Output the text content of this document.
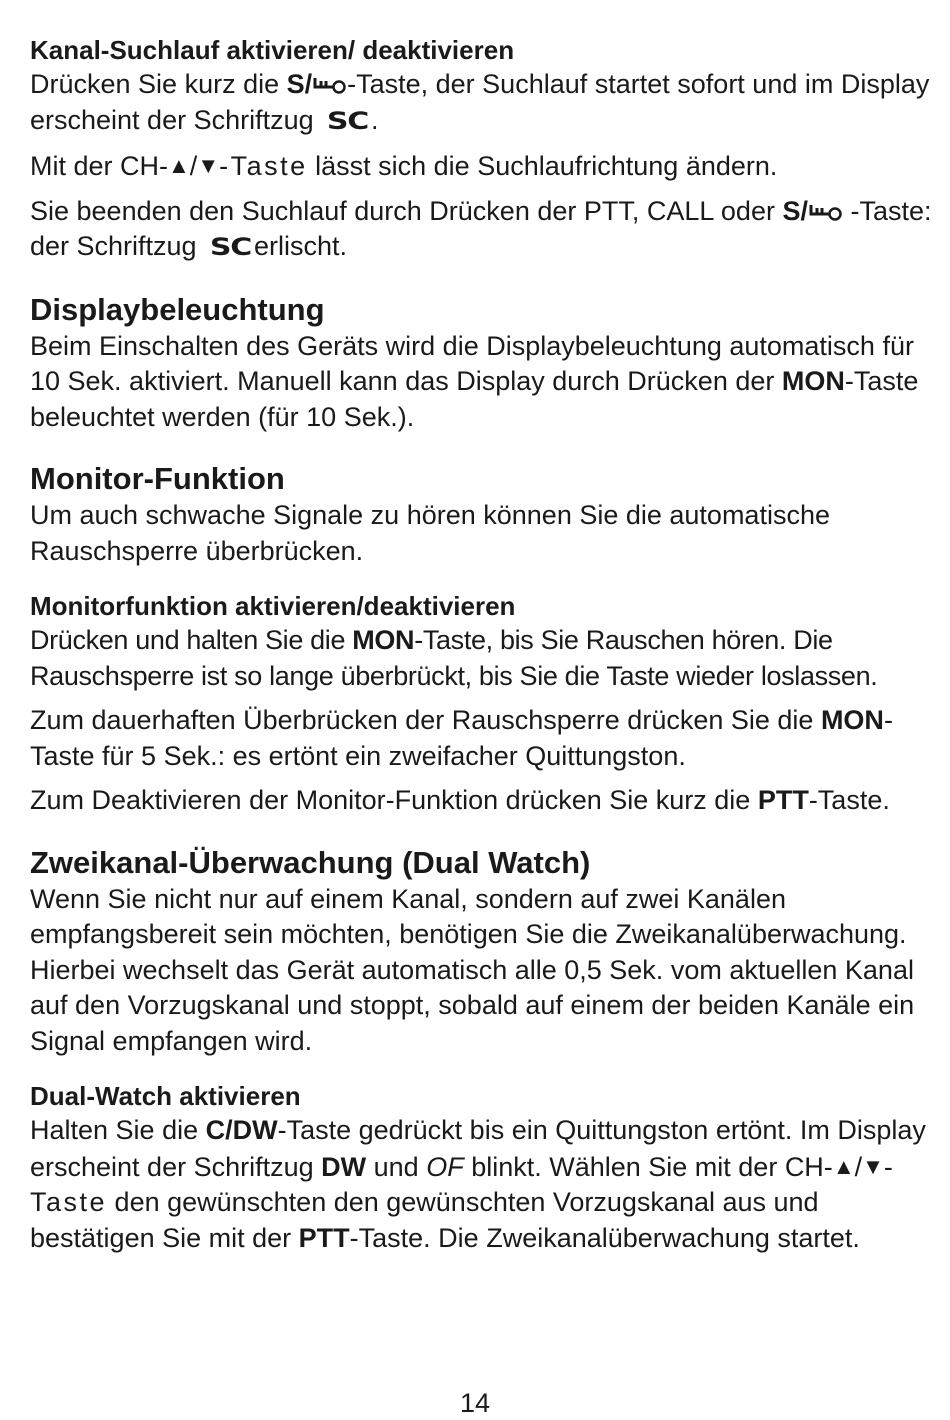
Kanal-Suchlauf aktivieren/ deaktivieren

Drücken Sie kurz die S/ -Taste, der Suchlauf startet sofort und im Display erscheint der Schriftzug SC .

Mit der CH-▲/▼-Taste lässt sich die Suchlaufrichtung ändern.

Sie beenden den Suchlauf durch Drücken der PTT, CALL oder S/ -Taste: der Schriftzug SC erlischt.

Displaybeleuchtung

Beim Einschalten des Geräts wird die Displaybeleuchtung automatisch für 10 Sek. aktiviert. Manuell kann das Display durch Drücken der MON-Taste beleuchtet werden (für 10 Sek.).

Monitor-Funktion

Um auch schwache Signale zu hören können Sie die automatische Rauschsperre überbrücken.

Monitorfunktion aktivieren/deaktivieren

Drücken und halten Sie die MON-Taste, bis Sie Rauschen hören. Die Rauschsperre ist so lange überbrückt, bis Sie die Taste wieder loslassen.

Zum dauerhaften Überbrücken der Rauschsperre drücken Sie die MON-Taste für 5 Sek.: es ertönt ein zweifacher Quittungston.

Zum Deaktivieren der Monitor-Funktion drücken Sie kurz die PTT-Taste.

Zweikanal-Überwachung (Dual Watch)

Wenn Sie nicht nur auf einem Kanal, sondern auf zwei Kanälen empfangsbereit sein möchten, benötigen Sie die Zweikanalüberwachung. Hierbei wechselt das Gerät automatisch alle 0,5 Sek. vom aktuellen Kanal auf den Vorzugskanal und stoppt, sobald auf einem der beiden Kanäle ein Signal empfangen wird.

Dual-Watch aktivieren

Halten Sie die C/DW-Taste gedrückt bis ein Quittungston ertönt. Im Display erscheint der Schriftzug DW und OF blinkt. Wählen Sie mit der CH-▲/▼-Taste den gewünschten den gewünschten Vorzugskanal aus und bestätigen Sie mit der PTT-Taste. Die Zweikanalüberwachung startet.

14
